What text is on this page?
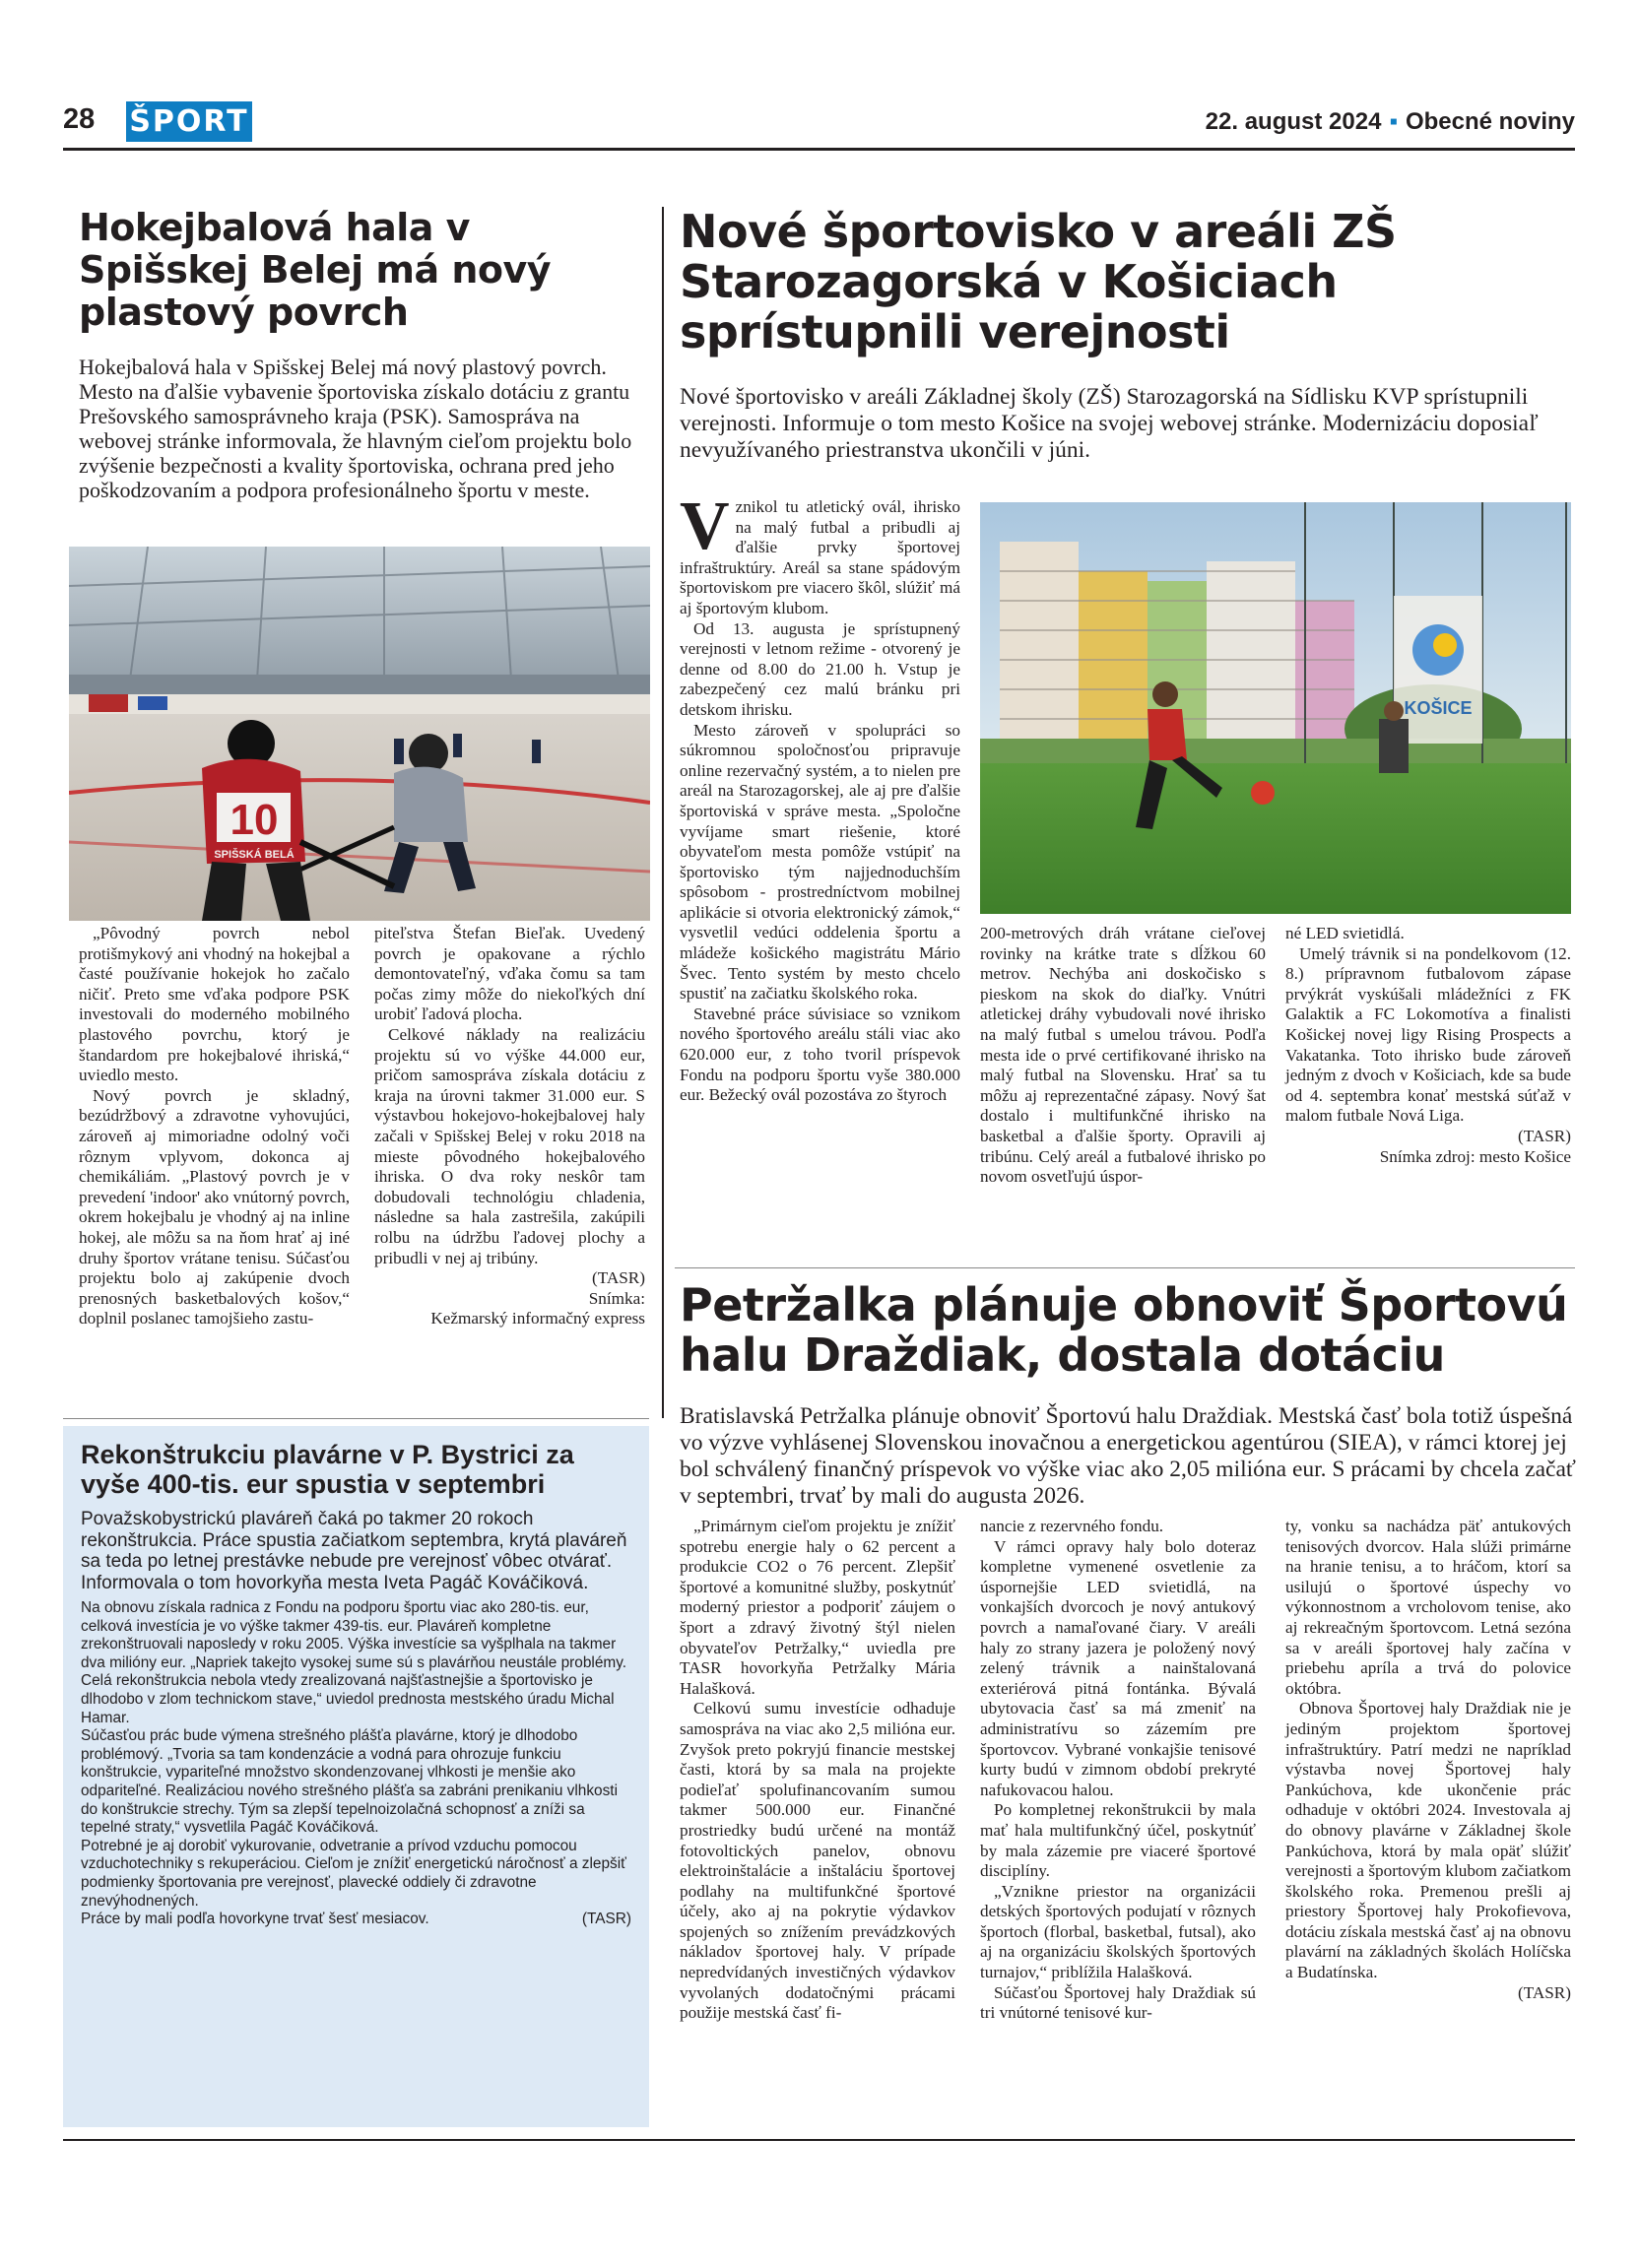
28 ŠPORT	22. august 2024 ▪ Obecné noviny
Hokejbalová hala v Spišskej Belej má nový plastový povrch

Hokejbalová hala v Spišskej Belej má nový plastový povrch. Mesto na ďalšie vybavenie športoviska získalo dotáciu z grantu Prešovského samosprávneho kraja (PSK). Samospráva na webovej stránke informovala, že hlavným cieľom projektu bolo zvýšenie bezpečnosti a kvality športoviska, ochrana pred jeho poškodzovaním a podpora profesionálneho športu v meste.

10
SPIŠSKÁ BELÁ

„Pôvodný povrch nebol protišmykový ani vhodný na hokejbal a časté používanie hokejok ho začalo ničiť. Preto sme vďaka podpore PSK investovali do moderného mobilného plastového povrchu, ktorý je štandardom pre hokejbalové ihriská,“ uviedlo mesto.

Nový povrch je skladný, bezúdržbový a zdravotne vyhovujúci, zároveň aj mimoriadne odolný voči rôznym vplyvom, dokonca aj chemikáliám. „Plastový povrch je v prevedení 'indoor' ako vnútorný povrch, okrem hokejbalu je vhodný aj na inline hokej, ale môžu sa na ňom hrať aj iné druhy športov vrátane tenisu. Súčasťou projektu bolo aj zakúpenie dvoch prenosných basketbalových košov,“ doplnil poslanec tamojšieho zastu-

piteľstva Štefan Bieľak. Uvedený povrch je opakovane a rýchlo demontovateľný, vďaka čomu sa tam počas zimy môže do niekoľkých dní urobiť ľadová plocha.

Celkové náklady na realizáciu projektu sú vo výške 44.000 eur, pričom samospráva získala dotáciu z kraja na úrovni takmer 31.000 eur. S výstavbou hokejovo-hokejbalovej haly začali v Spišskej Belej v roku 2018 na mieste pôvodného hokejbalového ihriska. O dva roky neskôr tam dobudovali technológiu chladenia, následne sa hala zastrešila, zakúpili rolbu na údržbu ľadovej plochy a pribudli v nej aj tribúny.

(TASR)

Snímka:

Kežmarský informačný express

Nové športovisko v areáli ZŠ Starozagorská v Košiciach sprístupnili verejnosti

Nové športovisko v areáli Základnej školy (ZŠ) Starozagorská na Sídlisku KVP sprístupnili verejnosti. Informuje o tom mesto Košice na svojej webovej stránke. Modernizáciu doposiaľ nevyužívaného priestranstva ukončili v júni.

Vznikol tu atletický ovál, ihrisko na malý futbal a pribudli aj ďalšie prvky športovej infraštruktúry. Areál sa stane spádovým športoviskom pre viacero škôl, slúžiť má aj športovým klubom.

Od 13. augusta je sprístupnený verejnosti v letnom režime - otvorený je denne od 8.00 do 21.00 h. Vstup je zabezpečený cez malú bránku pri detskom ihrisku.

Mesto zároveň v spolupráci so súkromnou spoločnosťou pripravuje online rezervačný systém, a to nielen pre areál na Starozagorskej, ale aj pre ďalšie športoviská v správe mesta. „Spoločne vyvíjame smart riešenie, ktoré obyvateľom mesta pomôže vstúpiť na športovisko tým najjednoduchším spôsobom - prostredníctvom mobilnej aplikácie si otvoria elektronický zámok,“ vysvetlil vedúci oddelenia športu a mládeže košického magistrátu Mário Švec. Tento systém by mesto chcelo spustiť na začiatku školského roka.

Stavebné práce súvisiace so vznikom nového športového areálu stáli viac ako 620.000 eur, z toho tvoril príspevok Fondu na podporu športu vyše 380.000 eur. Bežecký ovál pozostáva zo štyroch

KOŠICE

200-metrových dráh vrátane cieľovej rovinky na krátke trate s dĺžkou 60 metrov. Nechýba ani doskočisko s pieskom na skok do diaľky. Vnútri atletickej dráhy vybudovali nové ihrisko na malý futbal s umelou trávou. Podľa mesta ide o prvé certifikované ihrisko na malý futbal na Slovensku. Hrať sa tu môžu aj reprezentačné zápasy. Nový šat dostalo i multifunkčné ihrisko na basketbal a ďalšie športy. Opravili aj tribúnu. Celý areál a futbalové ihrisko po novom osvetľujú úspor-

né LED svietidlá.

Umelý trávnik si na pondelkovom (12. 8.) prípravnom futbalovom zápase prvýkrát vyskúšali mládežníci z FK Galaktik a FC Lokomotíva a finalisti Košickej novej ligy Rising Prospects a Vakatanka. Toto ihrisko bude zároveň jedným z dvoch v Košiciach, kde sa bude od 4. septembra konať mestská súťaž v malom futbale Nová Liga.

(TASR)

Snímka zdroj: mesto Košice

Petržalka plánuje obnoviť Športovú halu Draždiak, dostala dotáciu

Bratislavská Petržalka plánuje obnoviť Športovú halu Draždiak. Mestská časť bola totiž úspešná vo výzve vyhlásenej Slovenskou inovačnou a energetickou agentúrou (SIEA), v rámci ktorej jej bol schválený finančný príspevok vo výške viac ako 2,05 milióna eur. S prácami by chcela začať v septembri, trvať by mali do augusta 2026.

„Primárnym cieľom projektu je znížiť spotrebu energie haly o 62 percent a produkcie CO2 o 76 percent. Zlepšiť športové a komunitné služby, poskytnúť moderný priestor a podporiť záujem o šport a zdravý životný štýl nielen obyvateľov Petržalky,“ uviedla pre TASR hovorkyňa Petržalky Mária Halašková.

Celkovú sumu investície odhaduje samospráva na viac ako 2,5 milióna eur. Zvyšok preto pokryjú financie mestskej časti, ktorá by sa mala na projekte podieľať spolufinancovaním sumou takmer 500.000 eur. Finančné prostriedky budú určené na montáž fotovoltických panelov, obnovu elektroinštalácie a inštaláciu športovej podlahy na multifunkčné športové účely, ako aj na pokrytie výdavkov spojených so znížením prevádzkových nákladov športovej haly. V prípade nepredvídaných investičných výdavkov vyvolaných dodatočnými prácami použije mestská časť fi-

nancie z rezervného fondu.

V rámci opravy haly bolo doteraz kompletne vymenené osvetlenie za úspornejšie LED svietidlá, na vonkajších dvorcoch je nový antukový povrch a namaľované čiary. V areáli haly zo strany jazera je položený nový zelený trávnik a nainštalovaná exteriérová pitná fontánka. Bývalá ubytovacia časť sa má zmeniť na administratívu so zázemím pre športovcov. Vybrané vonkajšie tenisové kurty budú v zimnom období prekryté nafukovacou halou.

Po kompletnej rekonštrukcii by mala mať hala multifunkčný účel, poskytnúť by mala zázemie pre viaceré športové disciplíny.

„Vznikne priestor na organizácii detských športových podujatí v rôznych športoch (florbal, basketbal, futsal), ako aj na organizáciu školských športových turnajov,“ priblížila Halašková.

Súčasťou Športovej haly Draždiak sú tri vnútorné tenisové kur-

ty, vonku sa nachádza päť antukových tenisových dvorcov. Hala slúži primárne na hranie tenisu, a to hráčom, ktorí sa usilujú o športové úspechy vo výkonnostnom a vrcholovom tenise, ako aj rekreačným športovcom. Letná sezóna sa v areáli športovej haly začína v priebehu apríla a trvá do polovice októbra.

Obnova Športovej haly Draždiak nie je jediným projektom športovej infraštruktúry. Patrí medzi ne napríklad výstavba novej Športovej haly Pankúchova, kde ukončenie prác odhaduje v októbri 2024. Investovala aj do obnovy plavárne v Základnej škole Pankúchova, ktorá by mala opäť slúžiť verejnosti a športovým klubom začiatkom školského roka. Premenou prešli aj priestory Športovej haly Prokofievova, dotáciu získala mestská časť aj na obnovu plavární na základných školách Holíčska a Budatínska.

(TASR)

Rekonštrukciu plavárne v P. Bystrici za vyše 400-tis. eur spustia v septembri

Považskobystrickú plaváreň čaká po takmer 20 rokoch rekonštrukcia. Práce spustia začiatkom septembra, krytá plaváreň sa teda po letnej prestávke nebude pre verejnosť vôbec otvárať. Informovala o tom hovorkyňa mesta Iveta Pagáč Kováčiková.

Na obnovu získala radnica z Fondu na podporu športu viac ako 280-tis. eur, celková investícia je vo výške takmer 439-tis. eur. Plaváreň kompletne zrekonštruovali naposledy v roku 2005. Výška investície sa vyšplhala na takmer dva milióny eur. „Napriek takejto vysokej sume sú s plavárňou neustále problémy. Celá rekonštrukcia nebola vtedy zrealizovaná najšťastnejšie a športovisko je dlhodobo v zlom technickom stave,“ uviedol prednosta mestského úradu Michal Hamar.

Súčasťou prác bude výmena strešného plášťa plavárne, ktorý je dlhodobo problémový. „Tvoria sa tam kondenzácie a vodná para ohrozuje funkciu konštrukcie, vypariteľné množstvo skondenzovanej vlhkosti je menšie ako odpariteľné. Realizáciou nového strešného plášťa sa zabráni prenikaniu vlhkosti do konštrukcie strechy. Tým sa zlepší tepelnoizolačná schopnosť a zníži sa tepelné straty,“ vysvetlila Pagáč Kováčiková.

Potrebné je aj dorobiť vykurovanie, odvetranie a prívod vzduchu pomocou vzduchotechniky s rekuperáciou. Cieľom je znížiť energetickú náročnosť a zlepšiť podmienky športovania pre verejnosť, plavecké oddiely či zdravotne znevýhodnených.

Práce by mali podľa hovorkyne trvať šesť mesiacov.	(TASR)
